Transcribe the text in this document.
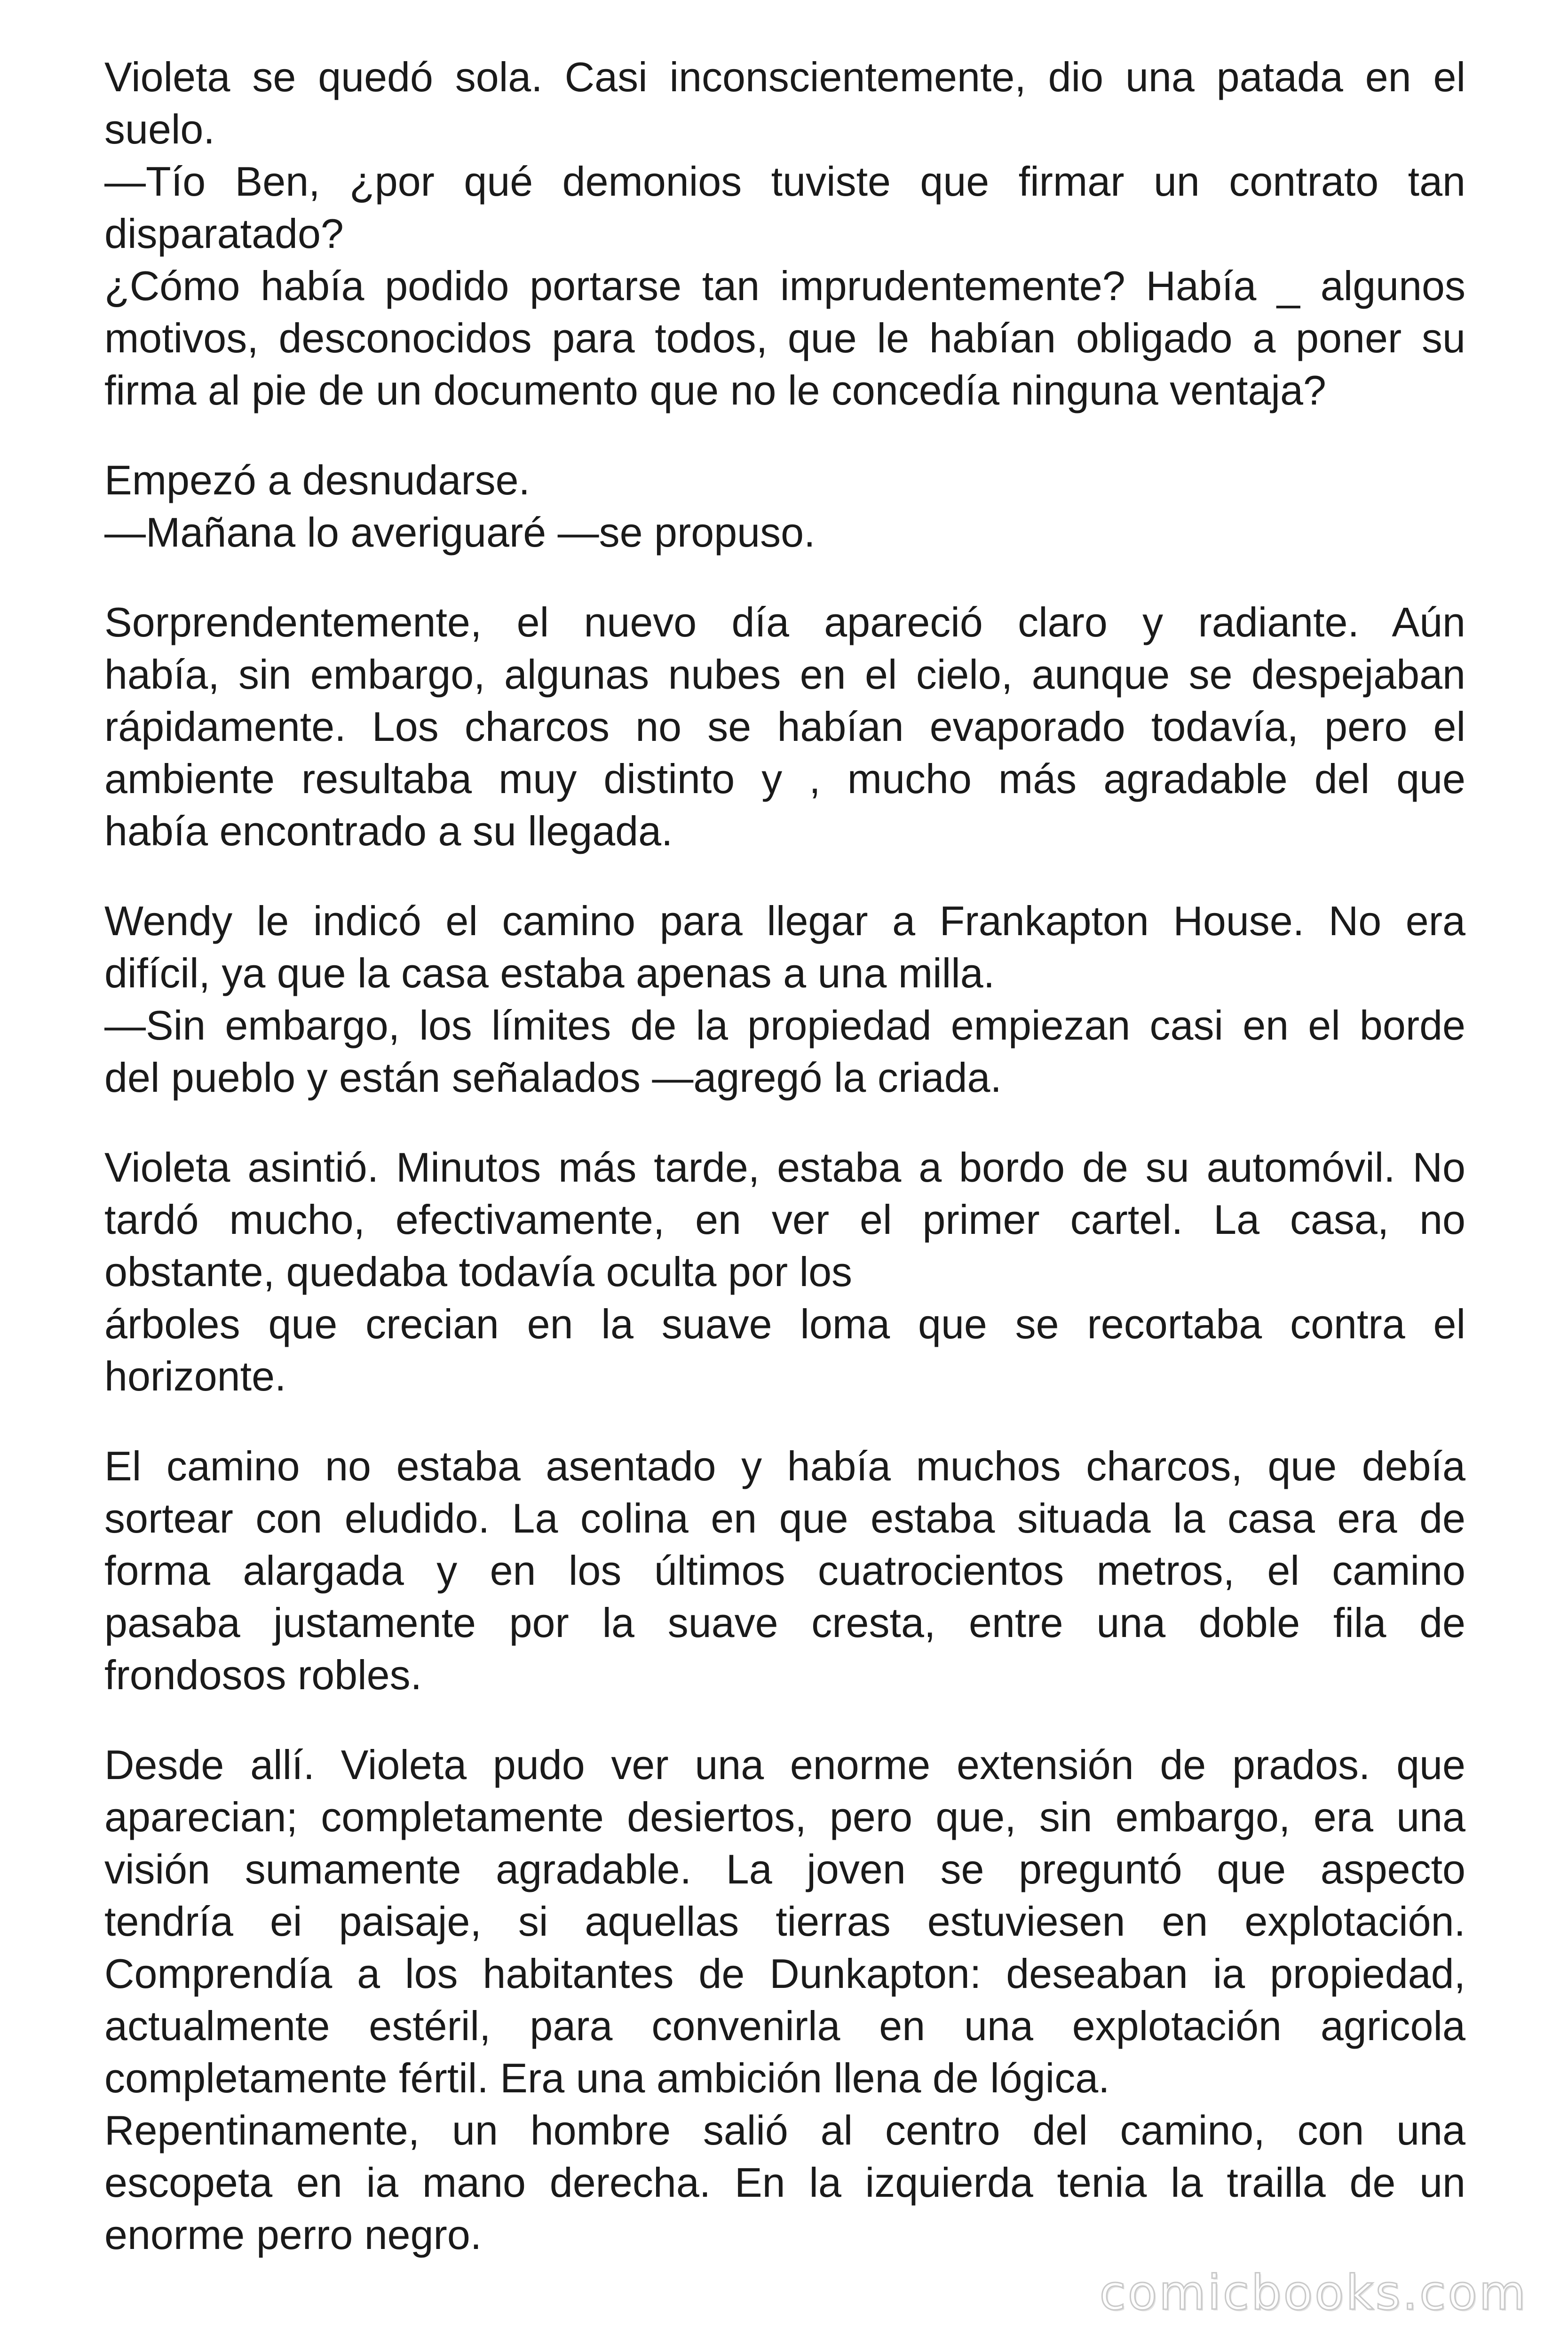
Violeta se quedó sola. Casi inconscientemente, dio una patada en el
suelo.
—Tío Ben, ¿por qué demonios tuviste que firmar un contrato tan
disparatado?
¿Cómo había podido portarse tan imprudentemente? Había _ algunos
motivos, desconocidos para todos, que le habían obligado a poner su
firma al pie de un documento que no le concedía ninguna ventaja?
Empezó a desnudarse.
—Mañana lo averiguaré —se propuso.
Sorprendentemente, el nuevo día apareció claro y radiante. Aún
había, sin embargo, algunas nubes en el cielo, aunque se despejaban
rápidamente. Los charcos no se habían evaporado todavía, pero el
ambiente resultaba muy distinto y , mucho más agradable del que
había encontrado a su llegada.
Wendy le indicó el camino para llegar a Frankapton House. No era
difícil, ya que la casa estaba apenas a una milla.
—Sin embargo, los límites de la propiedad empiezan casi en el borde
del pueblo y están señalados —agregó la criada.
Violeta asintió. Minutos más tarde, estaba a bordo de su automóvil. No
tardó mucho, efectivamente, en ver el primer cartel. La casa, no
obstante, quedaba todavía oculta por los
árboles que crecian en la suave loma que se recortaba contra el
horizonte.
El camino no estaba asentado y había muchos charcos, que debía
sortear con eludido. La colina en que estaba situada la casa era de
forma alargada y en los últimos cuatrocientos metros, el camino
pasaba justamente por la suave cresta, entre una doble fila de
frondosos robles.
Desde allí. Violeta pudo ver una enorme extensión de prados. que
aparecian; completamente desiertos, pero que, sin embargo, era una
visión sumamente agradable. La joven se preguntó que aspecto
tendría ei paisaje, si aquellas tierras estuviesen en explotación.
Comprendía a los habitantes de Dunkapton: deseaban ia propiedad,
actualmente estéril, para convenirla en una explotación agricola
completamente fértil. Era una ambición llena de lógica.
Repentinamente, un hombre salió al centro del camino, con una
escopeta en ia mano derecha. En la izquierda tenia la trailla de un
enorme perro negro.
comicbooks.com
